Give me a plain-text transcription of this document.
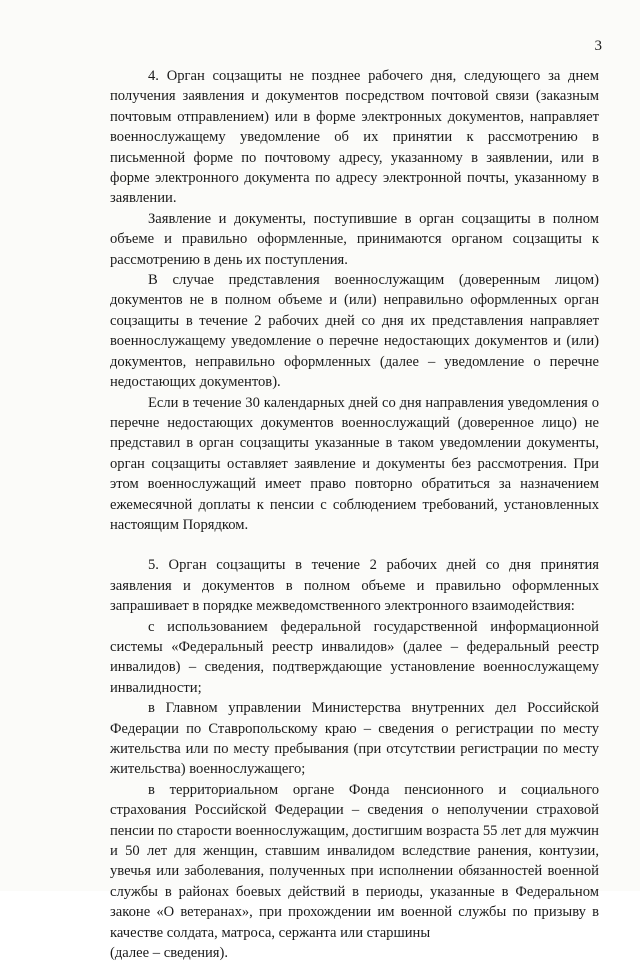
3

4. Орган соцзащиты не позднее рабочего дня, следующего за днем получения заявления и документов посредством почтовой связи (заказным почтовым отправлением) или в форме электронных документов, направляет военнослужащему уведомление об их принятии к рассмотрению в письменной форме по почтовому адресу, указанному в заявлении, или в форме электронного документа по адресу электронной почты, указанному в заявлении.

Заявление и документы, поступившие в орган соцзащиты в полном объеме и правильно оформленные, принимаются органом соцзащиты к рассмотрению в день их поступления.

В случае представления военнослужащим (доверенным лицом) документов не в полном объеме и (или) неправильно оформленных орган соцзащиты в течение 2 рабочих дней со дня их представления направляет военнослужащему уведомление о перечне недостающих документов и (или) документов, неправильно оформленных (далее – уведомление о перечне недостающих документов).

Если в течение 30 календарных дней со дня направления уведомления о перечне недостающих документов военнослужащий (доверенное лицо) не представил в орган соцзащиты указанные в таком уведомлении документы, орган соцзащиты оставляет заявление и документы без рассмотрения. При этом военнослужащий имеет право повторно обратиться за назначением ежемесячной доплаты к пенсии с соблюдением требований, установленных настоящим Порядком.

5. Орган соцзащиты в течение 2 рабочих дней со дня принятия заявления и документов в полном объеме и правильно оформленных запрашивает в порядке межведомственного электронного взаимодействия:

с использованием федеральной государственной информационной системы «Федеральный реестр инвалидов» (далее – федеральный реестр инвалидов) – сведения, подтверждающие установление военнослужащему инвалидности;

в Главном управлении Министерства внутренних дел Российской Федерации по Ставропольскому краю – сведения о регистрации по месту жительства или по месту пребывания (при отсутствии регистрации по месту жительства) военнослужащего;

в территориальном органе Фонда пенсионного и социального страхования Российской Федерации – сведения о неполучении страховой пенсии по старости военнослужащим, достигшим возраста 55 лет для мужчин и 50 лет для женщин, ставшим инвалидом вследствие ранения, контузии, увечья или заболевания, полученных при исполнении обязанностей военной службы в районах боевых действий в периоды, указанные в Федеральном законе «О ветеранах», при прохождении им военной службы по призыву в качестве солдата, матроса, сержанта или старшины

(далее – сведения).
